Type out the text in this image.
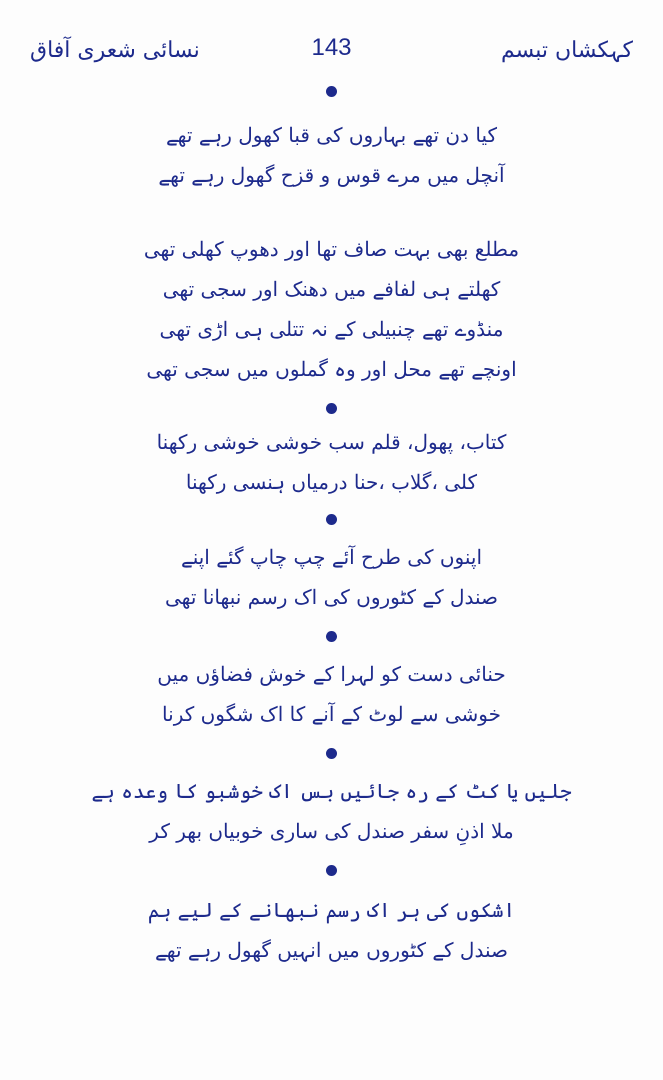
نسائی شعری آفاق	143	کہکشاں تبسم
کیا دن تھے بہاروں کی قبا کھول رہے تھے
آنچل میں مرے قوس و قزح گھول رہے تھے
مطلع بھی بہت صاف تھا اور دھوپ کھلی تھی
کھلتے ہی لفافے میں دھنک اور سجی تھی
منڈوے تھے چنبیلی کے نہ تتلی ہی اڑی تھی
اونچے تھے محل اور وہ گملوں میں سجی تھی
کتاب، پھول، قلم سب خوشی خوشی رکھنا
کلی ،گلاب ،حنا درمیاں ہنسی رکھنا
اپنوں کی طرح آئے چپ چاپ گئے اپنے
صندل کے کٹوروں کی اک رسم نبھانا تھی
حنائی دست کو لہرا کے خوش فضاؤں میں
خوشی سے لوٹ کے آنے کا اک شگوں کرنا
جلیں یا کٹ کے رہ جائیں بس اک خوشبو کا وعدہ ہے
ملا اذنِ سفر صندل کی ساری خوبیاں بھر کر
اشکوں کی ہر اک رسم نبھانے کے لیے ہم
صندل کے کٹوروں میں انہیں گھول رہے تھے
